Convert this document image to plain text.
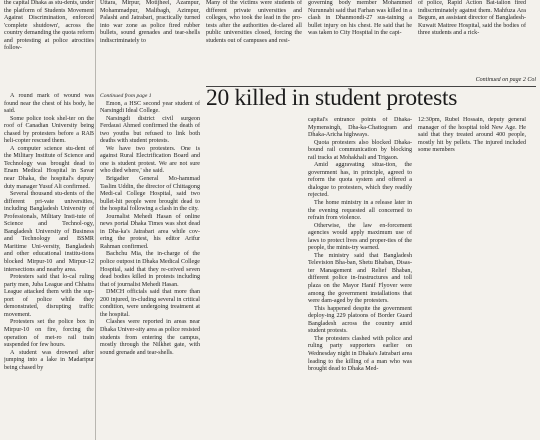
the capital Dhaka as stu-dents, under the platform of Students Movement Against Discrimination, enforced 'complete shutdown', across the country demanding the quota reform and protesting at police atrocities follow-

Uttara, Mirpur, Motijheel, Azampur, Mohammadpur, Malibagh, Azimpur, Palashi and Jatrabari, practically turned into war zone as police fired rubber bullets, sound grenades and tear-shells indiscriminately to

Many of the victims were students of different private universities and colleges, who took the lead in the pro-tests after the authorities de-clared all public universities closed, forcing the students out of campuses and resi-

governing body member Mohammed Nurunnabi said that Farhan was killed in a clash in Dhanmondi-27 sus-taining a bullet injury on his chest. He said that he was taken to City Hospital in the capi-

of police, Rapid Action Bat-talion fired indiscriminately against them. Mahfuza Ara Begum, an assistant director of Bangladesh-Kuwait Maitree Hospital, said the bodies of three students and a rick-

Continued on page 2 Col
20 killed in student protests

A round mark of wound was found near the chest of his body, he said.

Some police took shel-ter on the roof of Canadian University being chased by protesters before a RAB heli-copter rescued them.

A computer science stu-dent of the Military Institute of Science and Technology was brought dead to Enam Medical Hospital in Savar near Dhaka, the hospital's deputy duty manager Yusuf Ali confirmed.

Several thousand stu-dents of the different pri-vate universities, including Bangladesh University of Professionals, Military Insti-tute of Science and Technol-ogy, Bangladesh University of Business and Technology and BSMR Maritime Uni-versity, Bangladesh and other educational institu-tions blocked Mirpur-10 and Mirpur-12 intersections and nearby area.

Protesters said that lo-cal ruling party men, Juba League and Chhatra League attacked them with the sup-port of police while they demonstrated, disrupting traffic movement.

Protesters set the police box in Mirpur-10 on fire, forcing the operation of met-ro rail train suspended for few hours.

A student was drowned after jumping into a lake in Madaripur being chased by

Continued from page 1

Emon, a HSC second year student of Narsingdi Ideal College.

Narsingdi district civil surgeon Ferdausi Ahmed confirmed the death of two youths but refused to link both deaths with student protests.

We have two protesters. One is against Rural Electrification Board and one is student protest. We are not sure who died where,' she said.

Brigadier General Mo-hammad Taslim Uddin, the director of Chittagong Medi-cal College Hospital, said two bullet-hit people were brought dead to the hospital following a clash in the city.

Journalist Mehedi Hasan of online news portal Dhaka Times was shot dead in Dha-ka's Jatrabari area while cov-ering the protest, his editor Arifur Rahman confirmed.

Bachchu Mia, the in-charge of the police outpost in Dhaka Medical College Hospital, said that they re-ceived seven dead bodies killed in protests including that of journalist Mehedi Hasan.

DMCH officials said that more than 200 injured, in-cluding several in critical condition, were undergoing treatment at the hospital.

Clashes were reported in areas near Dhaka Univer-sity area as police resisted students from entering the campus, mostly through the Nilkhet gate, with sound grenade and tear-shells.

capital's entrance points of Dhaka-Mymensingh, Dha-ka-Chattogram and Dhaka-Aricha highways.

Quota protesters also blocked Dhaka-bound rail communication by blocking rail tracks at Mohakhali and Trigaon.

Amid aggravating situa-tion, the government has, in principle, agreed to reform the quota system and offered a dialogue to protesters, which they readily rejected.

The home ministry in a release later in the evening requested all concerned to refrain from violence.

Otherwise, the law en-forcement agencies would apply maximum use of laws to protect lives and proper-ties of the people, the minis-try warned.

The ministry said that Bangladesh Television Bha-ban, Shetu Bhaban, Disas-ter Management and Relief Bhaban, different police in-frastructures and toll plaza on the Mayor Hanif Flyover were among the government installations that were dam-aged by the protesters.

This happened despite the government deploy-ing 229 platoons of Border Guard Bangladesh across the country amid student protests.

The protesters clashed with police and ruling party supporters earlier on Wednesday night in Dhaka's Jatrabari area leading to the killing of a man who was brought dead to Dhaka Med-

12:30pm, Rubel Hossain, deputy general manager of the hospital told New Age. He said that they treated around 400 people, mostly hit by pellets. The injured included some members
